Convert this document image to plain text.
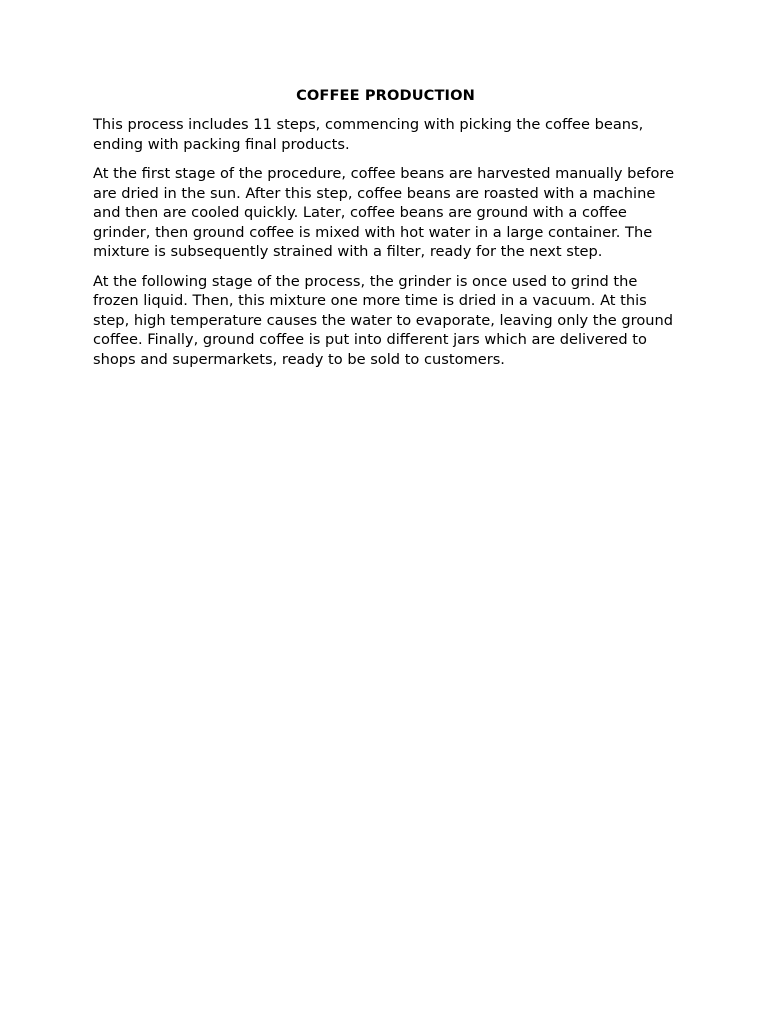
COFFEE PRODUCTION

This process includes 11 steps, commencing with picking the coffee beans, ending with packing final products.

At the first stage of the procedure, coffee beans are harvested manually before are dried in the sun. After this step, coffee beans are roasted with a machine and then are cooled quickly. Later, coffee beans are ground with a coffee grinder, then ground coffee is mixed with hot water in a large container. The mixture is subsequently strained with a filter, ready for the next step.

At the following stage of the process, the grinder is once used to grind the frozen liquid. Then, this mixture one more time is dried in a vacuum. At this step, high temperature causes the water to evaporate, leaving only the ground coffee. Finally, ground coffee is put into different jars which are delivered to shops and supermarkets, ready to be sold to customers.
